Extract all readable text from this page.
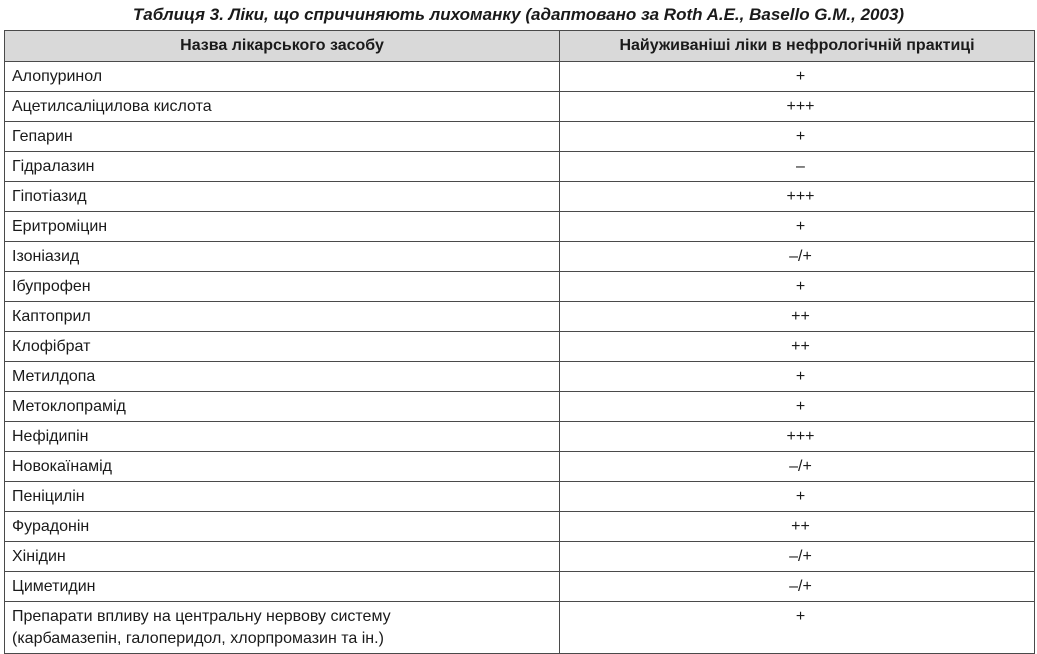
Таблиця 3. Ліки, що спричиняють лихоманку (адаптовано за Roth A.E., Basello G.M., 2003)
Назва лікарського засобу	Найуживаніші ліки в нефрологічній практиці
Алопуринол	+
Ацетилсаліцилова кислота	+++
Гепарин	+
Гідралазин	–
Гіпотіазид	+++
Еритроміцин	+
Ізоніазид	–/+
Ібупрофен	+
Каптоприл	++
Клофібрат	++
Метилдопа	+
Метоклопрамід	+
Нефідипін	+++
Новокаїнамід	–/+
Пеніцилін	+
Фурадонін	++
Хінідин	–/+
Циметидин	–/+

Препарати впливу на центральну нервову систему
(карбамазепін, галоперидол, хлорпромазин та ін.)	+
